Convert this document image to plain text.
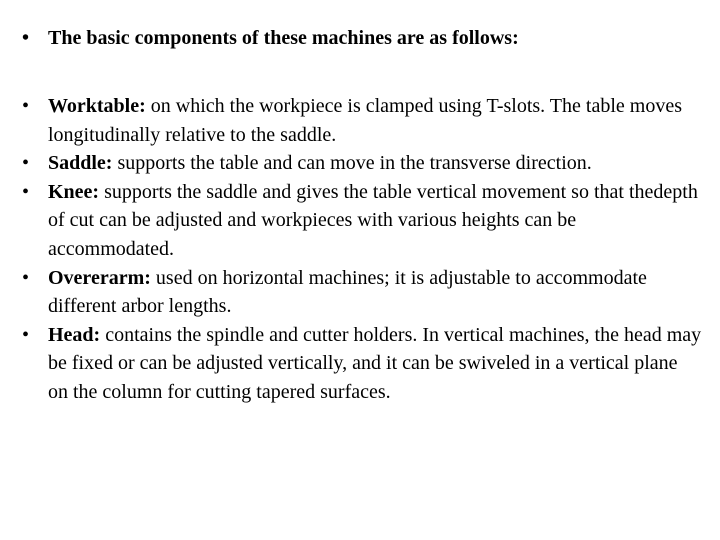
• The basic components of these machines are as follows:
• Worktable: on which the workpiece is clamped using T-slots. The table moves longitudinally relative to the saddle.
• Saddle: supports the table and can move in the transverse direction.
• Knee: supports the saddle and gives the table vertical movement so that thedepth of cut can be adjusted and workpieces with various heights can be accommodated.
• Overerarm: used on horizontal machines; it is adjustable to accommodate different arbor lengths.
• Head: contains the spindle and cutter holders. In vertical machines, the head may be fixed or can be adjusted vertically, and it can be swiveled in a vertical plane on the column for cutting tapered surfaces.
